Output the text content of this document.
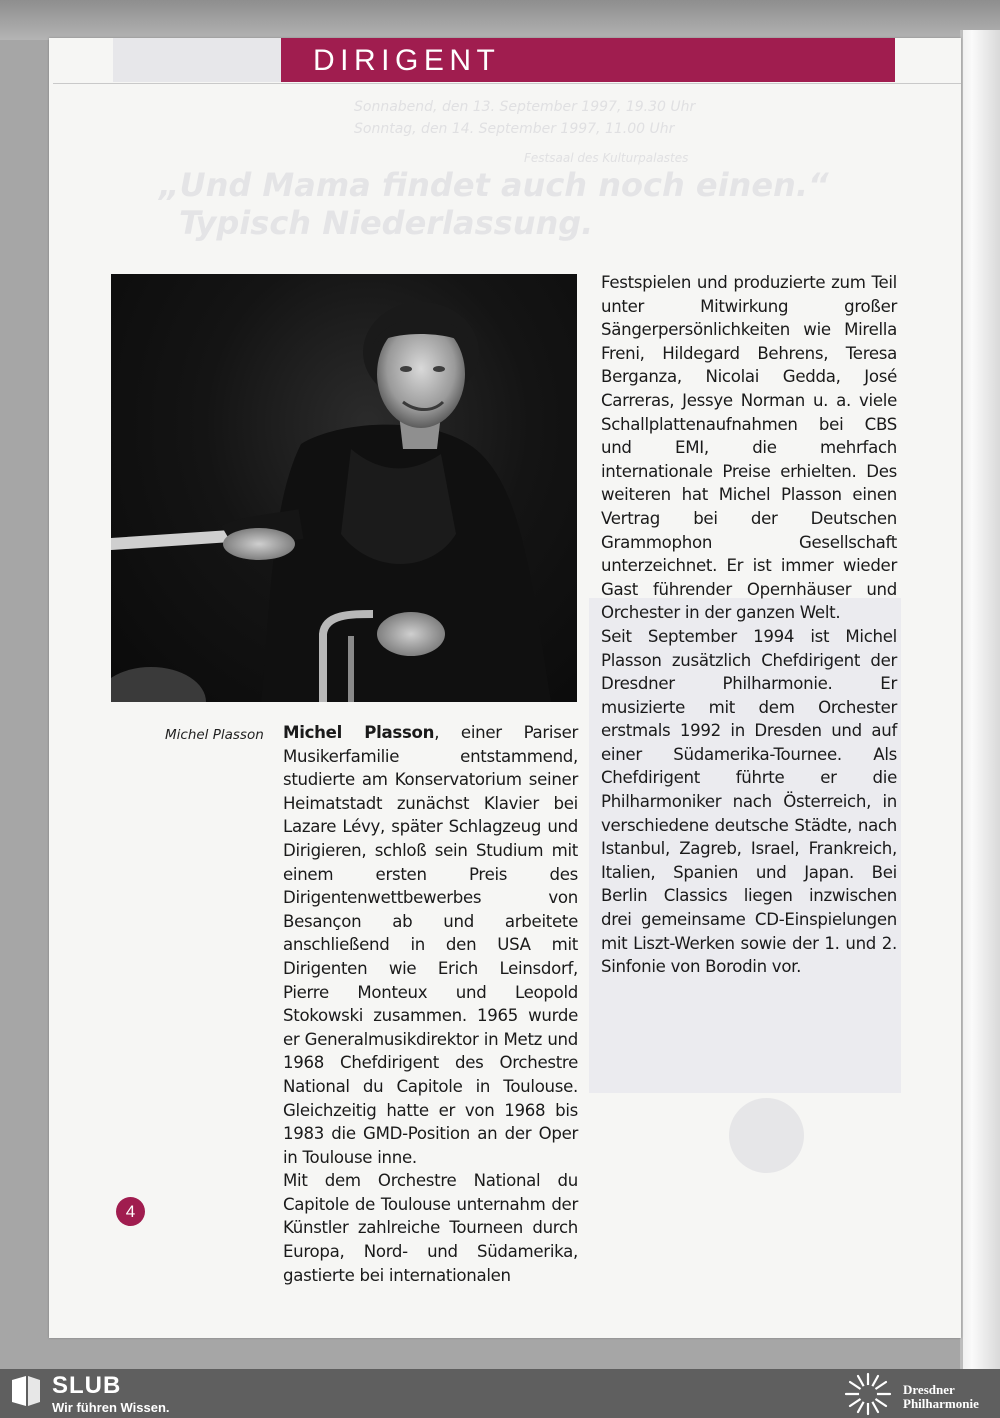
Sonnabend, den 13. September 1997, 19.30 Uhr
Sonntag, den 14. September 1997, 11.00 Uhr
Festsaal des Kulturpalastes
„Und Mama findet auch noch einen.“
Typisch Niederlassung.
DIRIGENT
Michel Plasson	Michel Plasson, einer Pariser Musikerfamilie entstammend, studierte am Konservatorium seiner Heimatstadt zunächst Klavier bei Lazare Lévy, später Schlagzeug und Dirigieren, schloß sein Studium mit einem ersten Preis des Dirigentenwettbewerbes von Besançon ab und arbeitete anschließend in den USA mit Dirigenten wie Erich Leinsdorf, Pierre Monteux und Leopold Stokowski zusammen. 1965 wurde er Generalmusikdirektor in Metz und 1968 Chefdirigent des Orchestre National du Capitole in Toulouse. Gleichzeitig hatte er von 1968 bis 1983 die GMD-Position an der Oper in Toulouse inne.

Mit dem Orchestre National du Capitole de Toulouse unternahm der Künstler zahlreiche Tourneen durch Europa, Nord- und Südamerika, gastierte bei internationalen

Festspielen und produzierte zum Teil unter Mitwirkung großer Sängerpersönlichkeiten wie Mirella Freni, Hildegard Behrens, Teresa Berganza, Nicolai Gedda, José Carreras, Jessye Norman u. a. viele Schallplattenaufnahmen bei CBS und EMI, die mehrfach internationale Preise erhielten. Des weiteren hat Michel Plasson einen Vertrag bei der Deutschen Grammophon Gesellschaft unterzeichnet. Er ist immer wieder Gast führender Opernhäuser und Orchester in der ganzen Welt.

Seit September 1994 ist Michel Plasson zusätzlich Chefdirigent der Dresdner Philharmonie. Er musizierte mit dem Orchester erstmals 1992 in Dresden und auf einer Südamerika-Tournee. Als Chefdirigent führte er die Philharmoniker nach Österreich, in verschiedene deutsche Städte, nach Istanbul, Zagreb, Israel, Frankreich, Italien, Spanien und Japan. Bei Berlin Classics liegen inzwischen drei gemeinsame CD-Einspielungen mit Liszt-Werken sowie der 1. und 2. Sinfonie von Borodin vor.

4
SLUB
Wir führen Wissen.
Dresdner
Philharmonie
